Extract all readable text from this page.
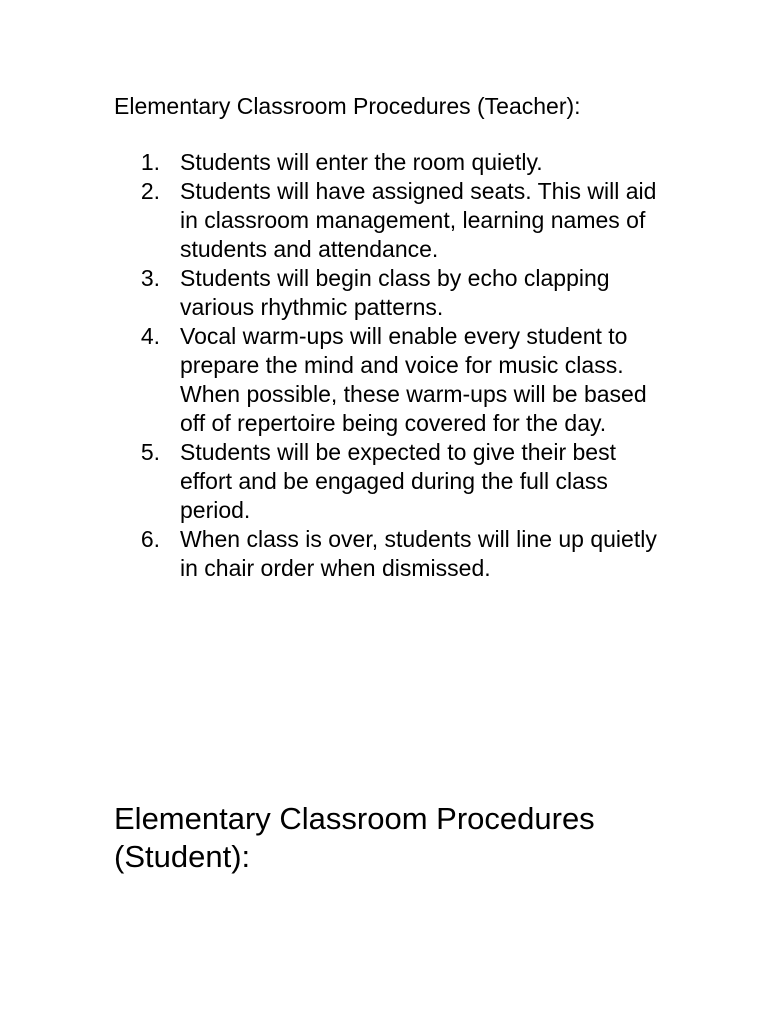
Elementary Classroom Procedures (Teacher):
1. Students will enter the room quietly.
2. Students will have assigned seats. This will aid in classroom management, learning names of students and attendance.
3. Students will begin class by echo clapping various rhythmic patterns.
4. Vocal warm-ups will enable every student to prepare the mind and voice for music class. When possible, these warm-ups will be based off of repertoire being covered for the day.
5. Students will be expected to give their best effort and be engaged during the full class period.
6. When class is over, students will line up quietly in chair order when dismissed.
Elementary Classroom Procedures (Student):
